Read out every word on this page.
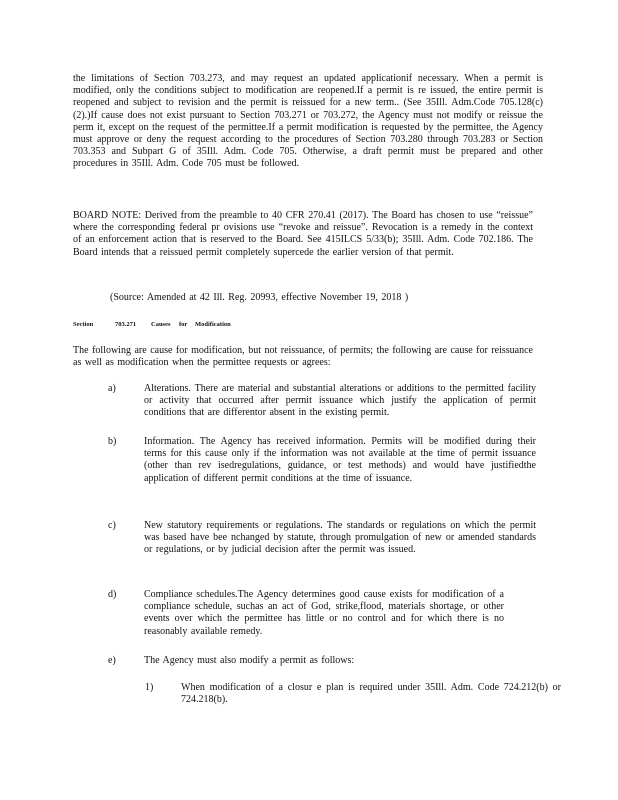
the limitations of Section 703.273, and may request an updated applicationif necessary. When a permit is modified, only the conditions subject to modification are reopened.If a permit is re issued, the entire permit is reopened and subject to revision and the permit is reissued for a new term.. (See 35Ill. Adm.Code 705.128(c)(2).)If cause does not exist pursuant to Section 703.271 or 703.272, the Agency must not modify or reissue the perm it, except on the request of the permittee.If a permit modification is requested by the permittee, the Agency must approve or deny the request according to the procedures of Section 703.280 through 703.283 or Section 703.353 and Subpart G of 35Ill. Adm. Code 705. Otherwise, a draft permit must be prepared and other procedures in 35Ill. Adm. Code 705 must be followed.

BOARD NOTE: Derived from the preamble to 40 CFR 270.41 (2017). The Board has chosen to use “reissue” where the corresponding federal pr ovisions use “revoke and reissue”. Revocation is a remedy in the context of an enforcement action that is reserved to the Board. See 415ILCS 5/33(b); 35Ill. Adm. Code 702.186. The Board intends that a reissued permit completely supercede the earlier version of that permit.

(Source: Amended at 42 Ill. Reg. 20993, effective November 19, 2018 )

Section	703.271 Causes for Modification

The following are cause for modification, but not reissuance, of permits; the following are cause for reissuance as well as modification when the permittee requests or agrees:

a)	Alterations. There are material and substantial alterations or additions to the permitted facility or activity that occurred after permit issuance which justify the application of permit conditions that are differentor absent in the existing permit.
b)	Information. The Agency has received information. Permits will be modified during their terms for this cause only if the information was not available at the time of permit issuance (other than rev isedregulations, guidance, or test methods) and would have justifiedthe application of different permit conditions at the time of issuance.
c)	New statutory requirements or regulations. The standards or regulations on which the permit was based have bee nchanged by statute, through promulgation of new or amended standards or regulations, or by judicial decision after the permit was issued.
d)	Compliance schedules.The Agency determines good cause exists for modification of a compliance schedule, suchas an act of God, strike,flood, materials shortage, or other events over which the permittee has little or no control and for which there is no reasonably available remedy.
e)	The Agency must also modify a permit as follows:
1)	When modification of a closur e plan is required under 35Ill. Adm. Code 724.212(b) or 724.218(b).
